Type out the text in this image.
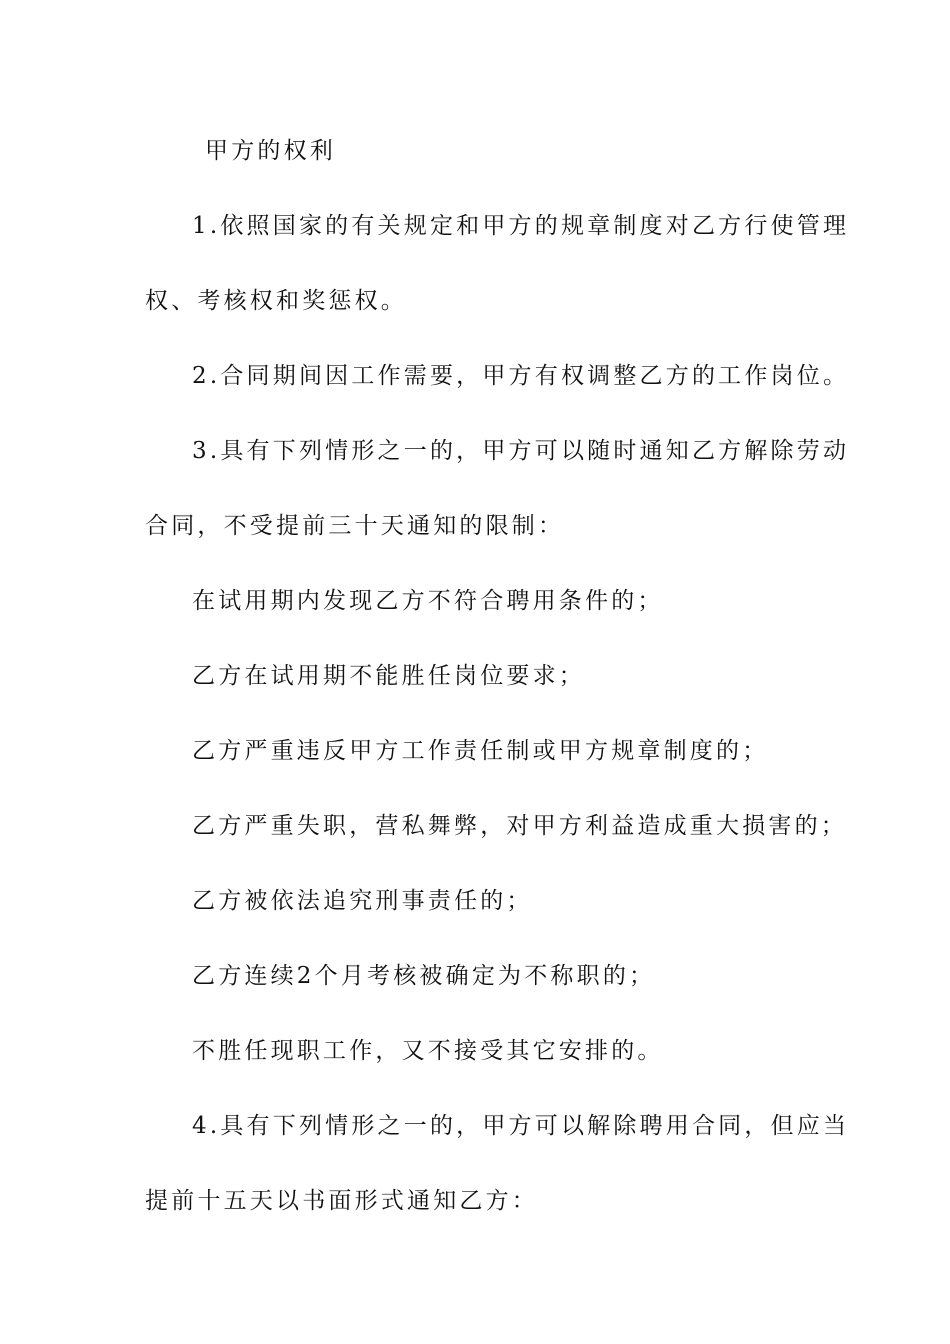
甲方的权利
1.依照国家的有关规定和甲方的规章制度对乙方行使管理
权、考核权和奖惩权。
2.合同期间因工作需要，甲方有权调整乙方的工作岗位。
3.具有下列情形之一的，甲方可以随时通知乙方解除劳动
合同，不受提前三十天通知的限制：
在试用期内发现乙方不符合聘用条件的；
乙方在试用期不能胜任岗位要求；
乙方严重违反甲方工作责任制或甲方规章制度的；
乙方严重失职，营私舞弊，对甲方利益造成重大损害的；
乙方被依法追究刑事责任的；
乙方连续2个月考核被确定为不称职的；
不胜任现职工作，又不接受其它安排的。
4.具有下列情形之一的，甲方可以解除聘用合同，但应当
提前十五天以书面形式通知乙方：
